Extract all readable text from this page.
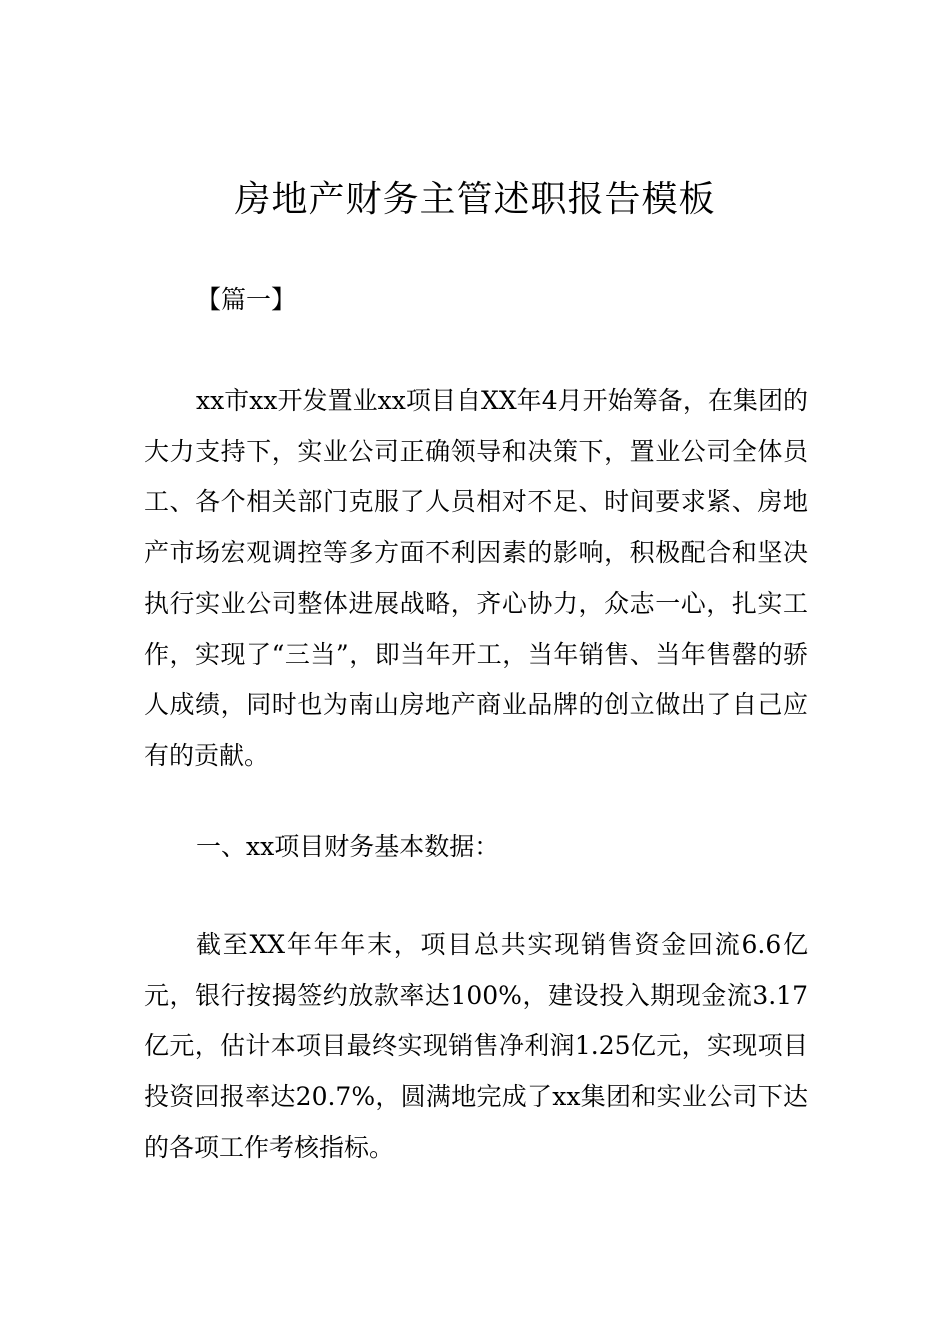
房地产财务主管述职报告模板

【篇一】

xx市xx开发置业xx项目自XX年4月开始筹备，在集团的大力支持下，实业公司正确领导和决策下，置业公司全体员工、各个相关部门克服了人员相对不足、时间要求紧、房地产市场宏观调控等多方面不利因素的影响，积极配合和坚决执行实业公司整体进展战略，齐心协力，众志一心，扎实工作，实现了“三当”，即当年开工，当年销售、当年售罄的骄人成绩，同时也为南山房地产商业品牌的创立做出了自己应有的贡献。

一、xx项目财务基本数据：

截至XX年年年末，项目总共实现销售资金回流6.6亿元，银行按揭签约放款率达100%，建设投入期现金流3.17亿元，估计本项目最终实现销售净利润1.25亿元，实现项目投资回报率达20.7%，圆满地完成了xx集团和实业公司下达的各项工作考核指标。
